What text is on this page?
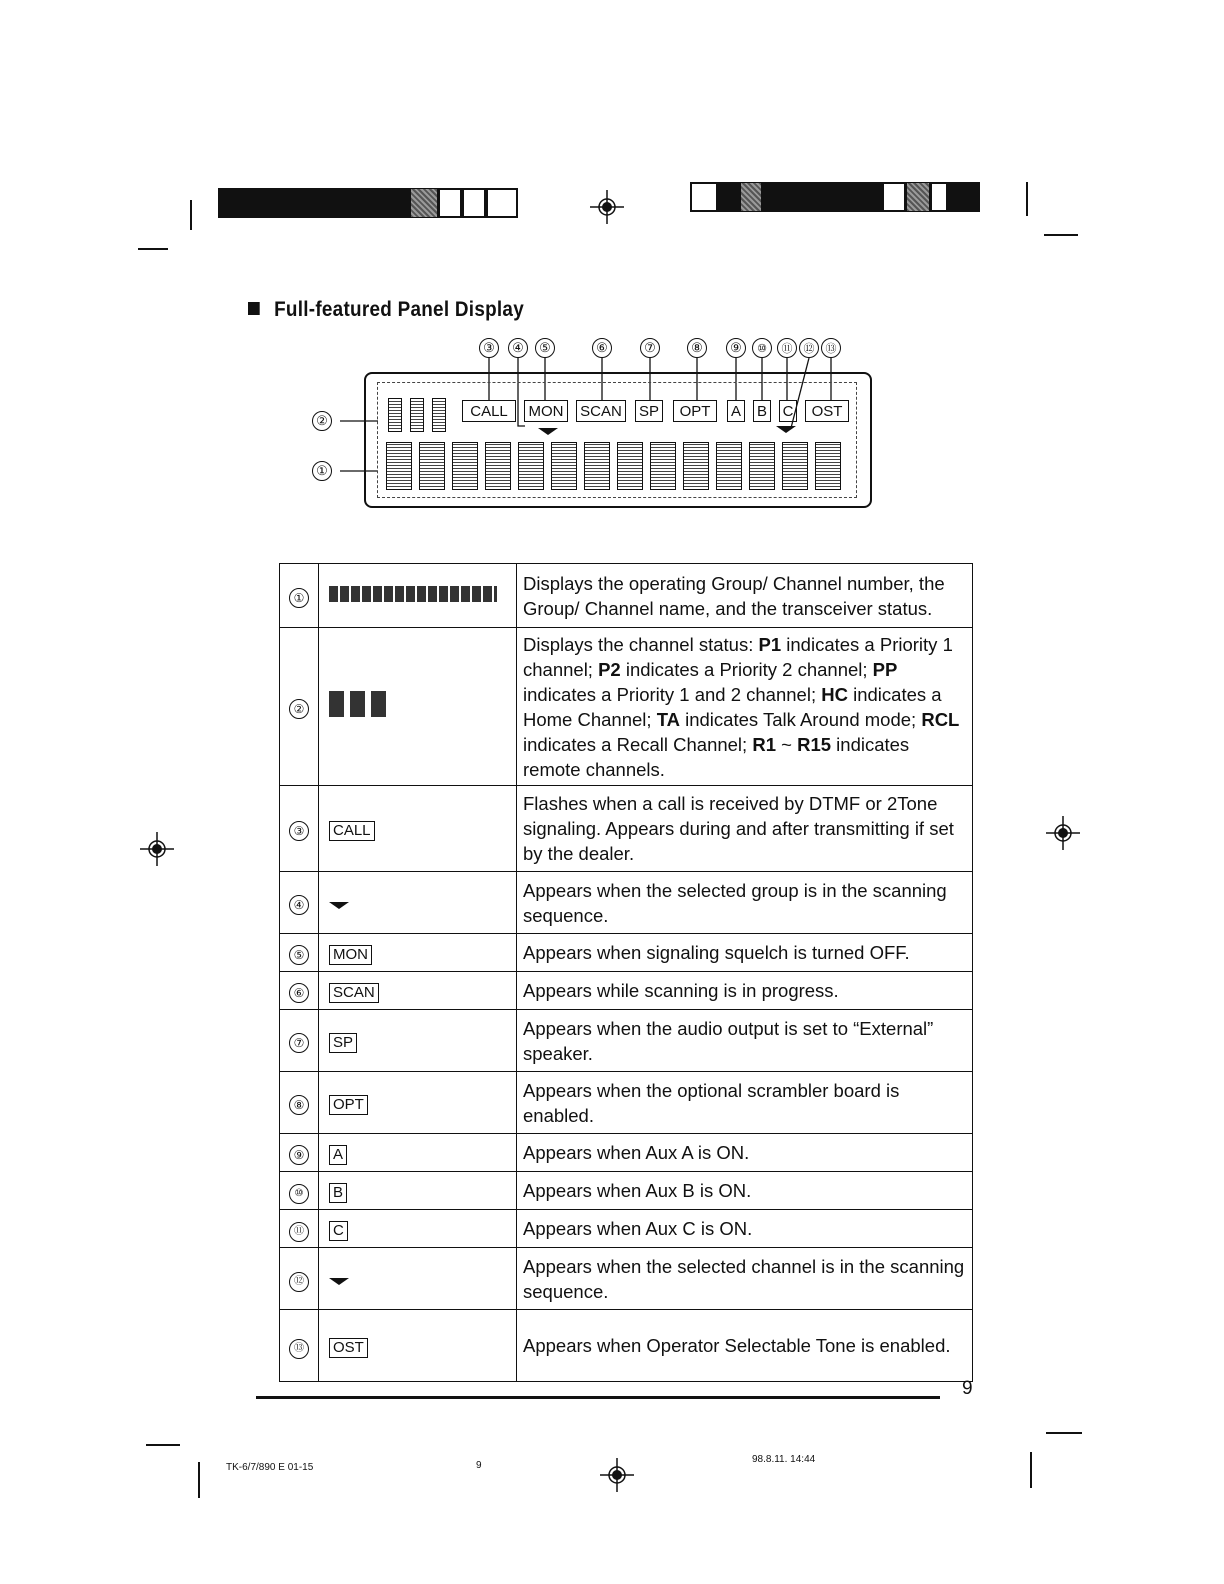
Full-featured Panel Display
③	④	⑤	⑥	⑦	⑧	⑨	⑩	⑪	⑫	⑬
②
①
CALL	MON	SCAN SP	OPT	A B C	OST
①		Displays the operating Group/ Channel number, the Group/ Channel name, and the transceiver status.
②		Displays the channel status: P1 indicates a Priority 1 channel; P2 indicates a Priority 2 channel; PP indicates a Priority 1 and 2 channel; HC indicates a Home Channel; TA indicates Talk Around mode; RCL indicates a Recall Channel; R1 ~ R15 indicates remote channels.
③	CALL	Flashes when a call is received by DTMF or 2Tone signaling. Appears during and after transmitting if set by the dealer.
④		Appears when the selected group is in the scanning sequence.
⑤	MON	Appears when signaling squelch is turned OFF.
⑥	SCAN	Appears while scanning is in progress.
⑦	SP	Appears when the audio output is set to “External” speaker.
⑧	OPT	Appears when the optional scrambler board is enabled.
⑨	A	Appears when Aux A is ON.
⑩	B	Appears when Aux B is ON.
⑪	C	Appears when Aux C is ON.
⑫		Appears when the selected channel is in the scanning sequence.
⑬	OST	Appears when Operator Selectable Tone is enabled.
9
TK-6/7/890 E 01-15	9
98.8.11. 14:44
